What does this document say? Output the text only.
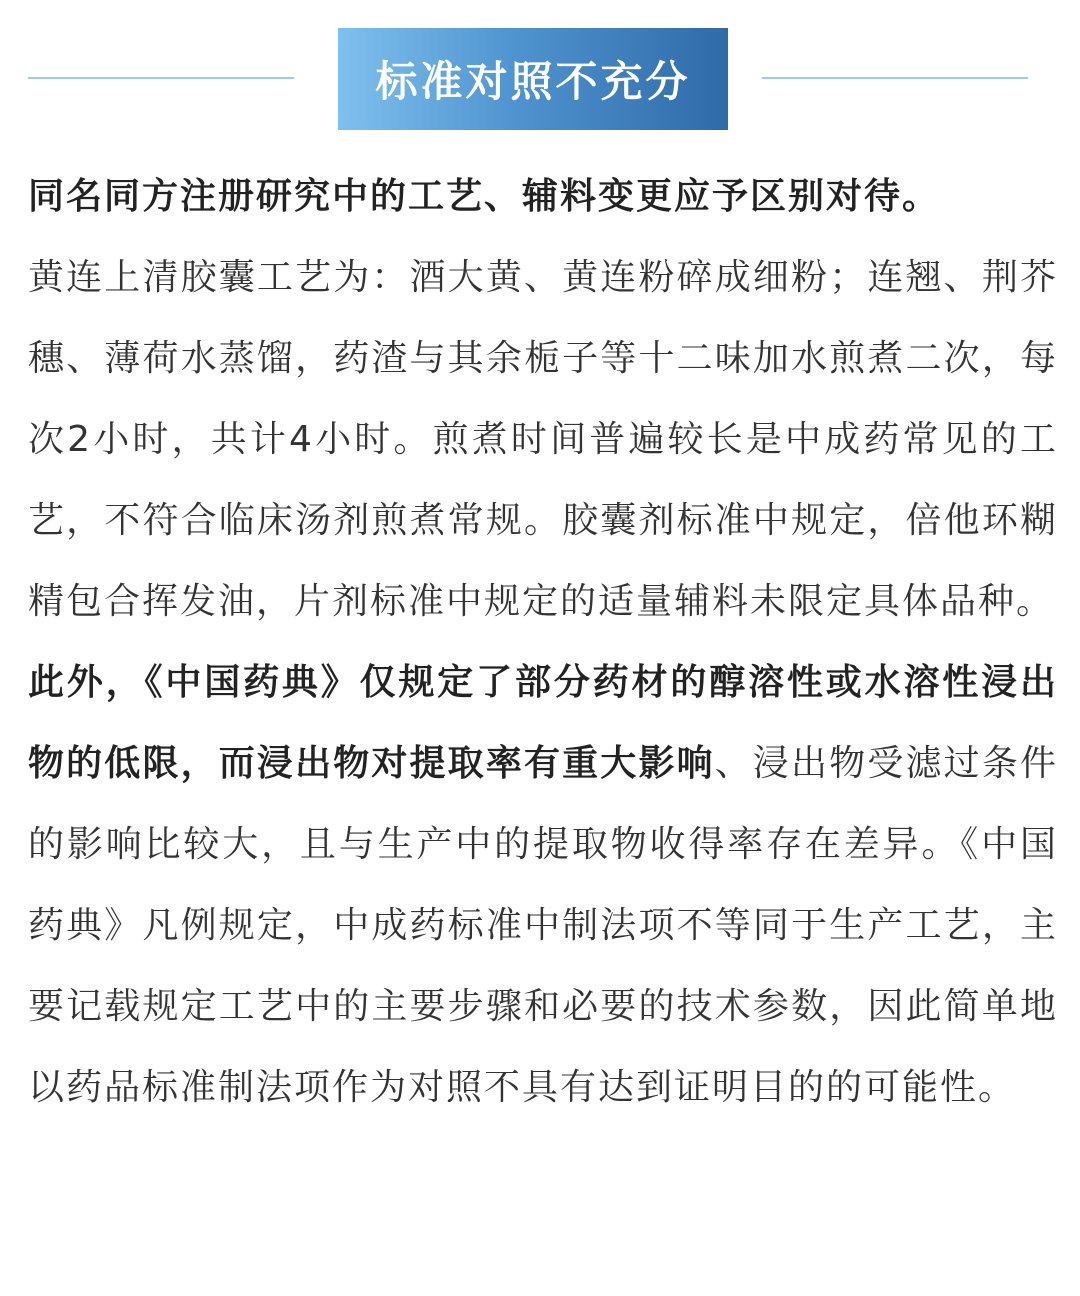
标准对照不充分

同名同方注册研究中的工艺、辅料变更应予区别对待。

黄连上清胶囊工艺为：酒大黄、黄连粉碎成细粉；连翘、荆芥穗、薄荷水蒸馏，药渣与其余栀子等十二味加水煎煮二次，每次2小时，共计4小时。煎煮时间普遍较长是中成药常见的工艺，不符合临床汤剂煎煮常规。胶囊剂标准中规定，倍他环糊精包合挥发油，片剂标准中规定的适量辅料未限定具体品种。

此外，《中国药典》仅规定了部分药材的醇溶性或水溶性浸出物的低限，而浸出物对提取率有重大影响、浸出物受滤过条件的影响比较大，且与生产中的提取物收得率存在差异。《中国药典》凡例规定，中成药标准中制法项不等同于生产工艺，主要记载规定工艺中的主要步骤和必要的技术参数，因此简单地以药品标准制法项作为对照不具有达到证明目的的可能性。
